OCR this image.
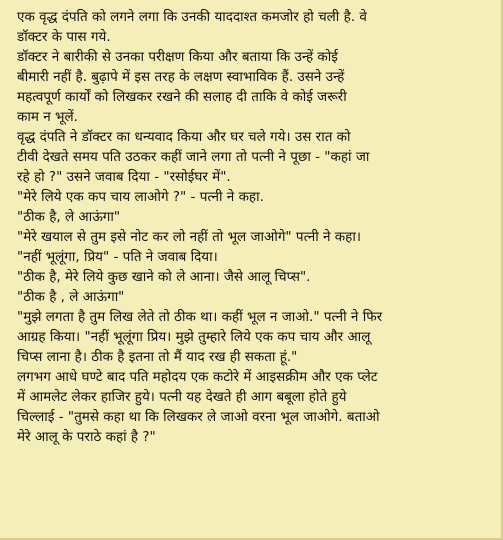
एक वृद्ध दंपति को लगने लगा कि उनकी याददाश्त कमजोर हो चली है. वे
डॉक्टर के पास गये.
डॉक्टर ने बारीकी से उनका परीक्षण किया और बताया कि उन्हें कोई
बीमारी नहीं है. बुढ़ापे में इस तरह के लक्षण स्वाभाविक हैं. उसने उन्हें
महत्वपूर्ण कार्यों को लिखकर रखने की सलाह दी ताकि वे कोई जरूरी
काम न भूलें.
वृद्ध दंपति ने डॉक्टर का धन्यवाद किया और घर चले गये। उस रात को
टीवी देखते समय पति उठकर कहीं जाने लगा तो पत्नी ने पूछा - "कहां जा
रहे हो ?" उसने जवाब दिया - "रसोईघर में".
"मेरे लिये एक कप चाय लाओगे ?" - पत्नी ने कहा.
"ठीक है, ले आऊंगा"
"मेरे खयाल से तुम इसे नोट कर लो नहीं तो भूल जाओगे" पत्नी ने कहा।
"नहीं भूलूंगा, प्रिय" - पति ने जवाब दिया।
"ठीक है, मेरे लिये कुछ खाने को ले आना। जैसे आलू चिप्स".
"ठीक है , ले आऊंगा"
"मुझे लगता है तुम लिख लेते तो ठीक था। कहीं भूल न जाओ." पत्नी ने फिर
आग्रह किया। "नहीं भूलूंगा प्रिय। मुझे तुम्हारे लिये एक कप चाय और आलू
चिप्स लाना है। ठीक है इतना तो मैं याद रख ही सकता हूं."
लगभग आधे घण्टे बाद पति महोदय एक कटोरे में आइसक्रीम और एक प्लेट
में आमलेट लेकर हाजिर हुये। पत्नी यह देखते ही आग बबूला होते हुये
चिल्लाई - "तुमसे कहा था कि लिखकर ले जाओ वरना भूल जाओगे. बताओ
मेरे आलू के पराठे कहां है ?"
